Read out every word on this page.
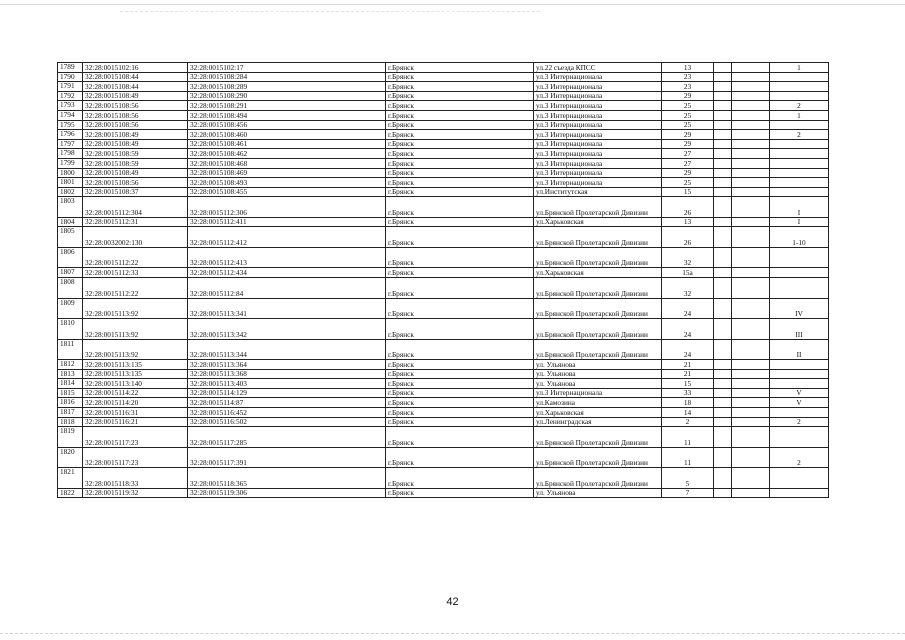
1789	32:28:0015102:16	32:28:0015102:17	г.Брянск	ул.22 съезда КПСС	13			1
1790	32:28:0015108:44	32:28:0015108:284	г.Брянск	ул.3 Интернационала	23			
1791	32:28:0015108:44	32:28:0015108:289	г.Брянск	ул.3 Интернационала	23			
1792	32:28:0015108:49	32:28:0015108:290	г.Брянск	ул.3 Интернационала	29			
1793	32:28:0015108:56	32:28:0015108:291	г.Брянск	ул.3 Интернационала	25			2
1794	32:28:0015108:56	32:28:0015108:494	г.Брянск	ул.3 Интернационала	25			1
1795	32:28:0015108:56	32:28:0015108:456	г.Брянск	ул.3 Интернационала	25			
1796	32:28:0015108:49	32:28:0015108:460	г.Брянск	ул.3 Интернационала	29			2
1797	32:28:0015108:49	32:28:0015108:461	г.Брянск	ул.3 Интернационала	29			
1798	32:28:0015108:59	32:28:0015108:462	г.Брянск	ул.3 Интернационала	27			
1799	32:28:0015108:59	32:28:0015108:468	г.Брянск	ул.3 Интернационала	27			
1800	32:28:0015108:49	32:28:0015108:469	г.Брянск	ул.3 Интернационала	29			
1801	32:28:0015108:56	32:28:0015108:493	г.Брянск	ул.3 Интернационала	25			
1802	32:28:0015108:37	32:28:0015108:455	г.Брянск	ул.Институтская	15			
1803	32:28:0015112:304	32:28:0015112:306	г.Брянск	ул.Брянской Пролетарской Дивизии	26			I
1804	32:28:0015112:31	32:28:0015112:411	г.Брянск	ул.Харьковская	13			I
1805	32:28:0032002:130	32:28:0015112:412	г.Брянск	ул.Брянской Пролетарской Дивизии	26			1-10
1806	32:28:0015112:22	32:28:0015112:413	г.Брянск	ул.Брянской Пролетарской Дивизии	32			
1807	32:28:0015112:33	32:28:0015112:434	г.Брянск	ул.Харьковская	15а			
1808	32:28:0015112:22	32:28:0015112:84	г.Брянск	ул.Брянской Пролетарской Дивизии	32			
1809	32:28:0015113:92	32:28:0015113:341	г.Брянск	ул.Брянской Пролетарской Дивизии	24			IV
1810	32:28:0015113:92	32:28:0015113:342	г.Брянск	ул.Брянской Пролетарской Дивизии	24			III
1811	32:28:0015113:92	32:28:0015113:344	г.Брянск	ул.Брянской Пролетарской Дивизии	24			II
1812	32:28:0015113:135	32:28:0015113:364	г.Брянск	ул. Ульянова	21			
1813	32:28:0015113:135	32:28:0015113:368	г.Брянск	ул. Ульянова	21			
1814	32:28:0015113:140	32:28:0015113:403	г.Брянск	ул. Ульянова	15			
1815	32:28:0015114:22	32:28:0015114:129	г.Брянск	ул.3 Интернационала	33			V
1816	32:28:0015114:20	32:28:0015114:87	г.Брянск	ул.Камозина	18			V
1817	32:28:0015116:31	32:28:0015116:452	г.Брянск	ул.Харьковская	14			
1818	32:28:0015116:21	32:28:0015116:502	г.Брянск	ул.Ленинградская	2			2
1819	32:28:0015117:23	32:28:0015117:285	г.Брянск	ул.Брянской Пролетарской Дивизии	11			
1820	32:28:0015117:23	32:28:0015117:391	г.Брянск	ул.Брянской Пролетарской Дивизии	11			2
1821	32:28:0015118:33	32:28:0015118:365	г.Брянск	ул.Брянской Пролетарской Дивизии	5			
1822	32:28:0015119:32	32:28:0015119:306	г.Брянск	ул. Ульянова	7			
42
